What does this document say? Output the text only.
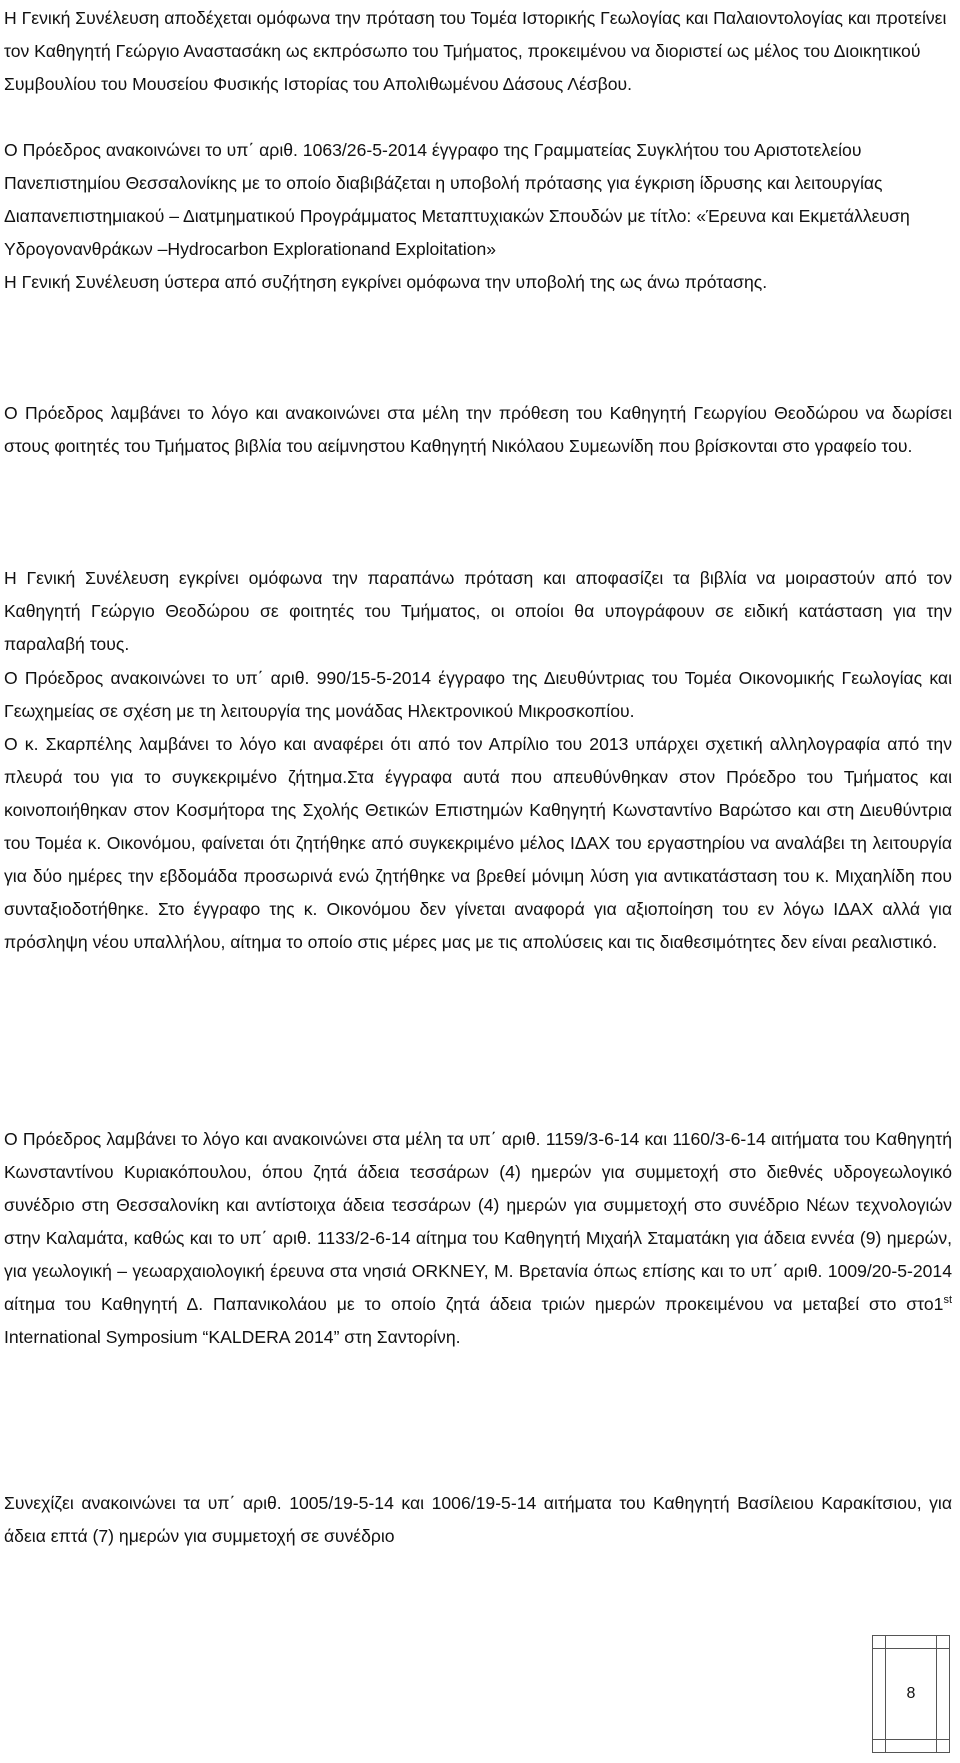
Η Γενική Συνέλευση αποδέχεται ομόφωνα την πρόταση του Τομέα Ιστορικής Γεωλογίας και Παλαιοντολογίας και προτείνει τον Καθηγητή Γεώργιο Αναστασάκη ως εκπρόσωπο του Τμήματος, προκειμένου να διοριστεί ως μέλος του Διοικητικού Συμβουλίου του Μουσείου Φυσικής Ιστορίας του Απολιθωμένου Δάσους Λέσβου.

Ο Πρόεδρος ανακοινώνει το υπ΄ αριθ. 1063/26-5-2014 έγγραφο της Γραμματείας Συγκλήτου του Αριστοτελείου Πανεπιστημίου Θεσσαλονίκης με το οποίο διαβιβάζεται η υποβολή πρότασης για έγκριση ίδρυσης και λειτουργίας Διαπανεπιστημιακού – Διατμηματικού Προγράμματος Μεταπτυχιακών Σπουδών με τίτλο: «Έρευνα και Εκμετάλλευση Υδρογονανθράκων –Hydrocarbon Explorationand Exploitation»

Η Γενική Συνέλευση ύστερα από συζήτηση εγκρίνει ομόφωνα την υποβολή της ως άνω πρότασης.

Ο Πρόεδρος λαμβάνει το λόγο και ανακοινώνει στα μέλη την πρόθεση του Καθηγητή Γεωργίου Θεοδώρου να δωρίσει στους φοιτητές του Τμήματος βιβλία του αείμνηστου Καθηγητή Νικόλαου Συμεωνίδη που βρίσκονται στο γραφείο του.

Η Γενική Συνέλευση εγκρίνει ομόφωνα την παραπάνω πρόταση και αποφασίζει τα βιβλία να μοιραστούν από τον Καθηγητή Γεώργιο Θεοδώρου σε φοιτητές του Τμήματος, οι οποίοι θα υπογράφουν σε ειδική κατάσταση για την παραλαβή τους.

Ο Πρόεδρος ανακοινώνει το υπ΄ αριθ. 990/15-5-2014 έγγραφο της Διευθύντριας του Τομέα Οικονομικής Γεωλογίας και Γεωχημείας σε σχέση με τη λειτουργία της μονάδας Ηλεκτρονικού Μικροσκοπίου.

Ο κ. Σκαρπέλης λαμβάνει το λόγο και αναφέρει ότι από τον Απρίλιο του 2013 υπάρχει σχετική αλληλογραφία από την πλευρά του για το συγκεκριμένο ζήτημα.Στα έγγραφα αυτά που απευθύνθηκαν στον Πρόεδρο του Τμήματος και κοινοποιήθηκαν στον Κοσμήτορα της Σχολής Θετικών Επιστημών Καθηγητή Κωνσταντίνο Βαρώτσο και στη Διευθύντρια του Τομέα κ. Οικονόμου, φαίνεται ότι ζητήθηκε από συγκεκριμένο μέλος ΙΔΑΧ του εργαστηρίου να αναλάβει τη λειτουργία για δύο ημέρες την εβδομάδα προσωρινά ενώ ζητήθηκε να βρεθεί μόνιμη λύση για αντικατάσταση του κ. Μιχαηλίδη που συνταξιοδοτήθηκε. Στο έγγραφο της κ. Οικονόμου δεν γίνεται αναφορά για αξιοποίηση του εν λόγω ΙΔΑΧ αλλά για πρόσληψη νέου υπαλλήλου, αίτημα το οποίο στις μέρες μας με τις απολύσεις και τις διαθεσιμότητες δεν είναι ρεαλιστικό.

Ο Πρόεδρος λαμβάνει το λόγο και ανακοινώνει στα μέλη τα υπ΄ αριθ. 1159/3-6-14 και 1160/3-6-14 αιτήματα του Καθηγητή Κωνσταντίνου Κυριακόπουλου, όπου ζητά άδεια τεσσάρων (4) ημερών για συμμετοχή στο διεθνές υδρογεωλογικό συνέδριο στη Θεσσαλονίκη και αντίστοιχα άδεια τεσσάρων (4) ημερών για συμμετοχή στο συνέδριο Νέων τεχνολογιών στην Καλαμάτα, καθώς και το υπ΄ αριθ. 1133/2-6-14 αίτημα του Καθηγητή Μιχαήλ Σταματάκη για άδεια εννέα (9) ημερών, για γεωλογική – γεωαρχαιολογική έρευνα στα νησιά ORKNEY, Μ. Βρετανία όπως επίσης και το υπ΄ αριθ. 1009/20-5-2014 αίτημα του Καθηγητή Δ. Παπανικολάου με το οποίο ζητά άδεια τριών ημερών προκειμένου να μεταβεί στο στο1st International Symposium “KALDERA 2014” στη Σαντορίνη.

Συνεχίζει ανακοινώνει τα υπ΄ αριθ. 1005/19-5-14 και 1006/19-5-14 αιτήματα του Καθηγητή Βασίλειου Καρακίτσιου, για άδεια επτά (7) ημερών για συμμετοχή σε συνέδριο

8
